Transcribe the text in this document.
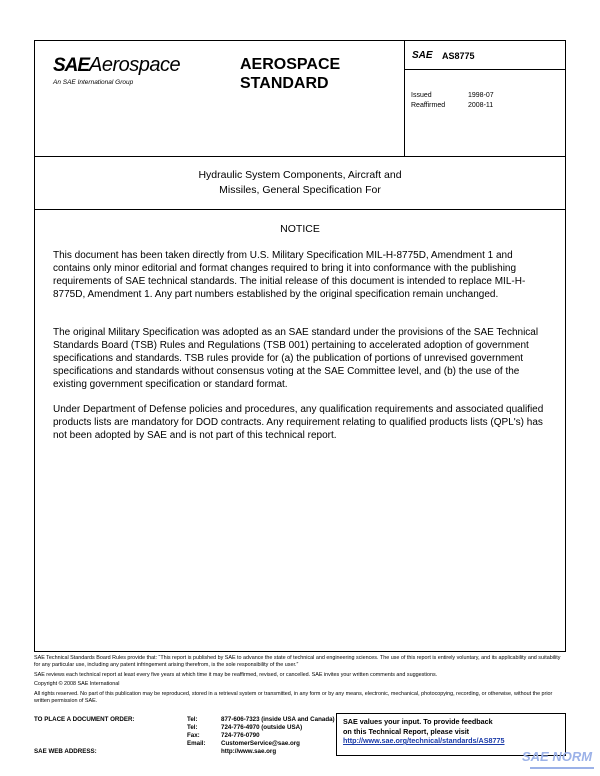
SAE Aerospace
An SAE International Group
AEROSPACE
STANDARD
SAE AS8775
Issued	1998-07
Reaffirmed	2008-11
Hydraulic System Components, Aircraft and
Missiles, General Specification For
NOTICE

This document has been taken directly from U.S. Military Specification MIL-H-8775D, Amendment 1 and contains only minor editorial and format changes required to bring it into conformance with the publishing requirements of SAE technical standards. The initial release of this document is intended to replace MIL-H-8775D, Amendment 1. Any part numbers established by the original specification remain unchanged.

The original Military Specification was adopted as an SAE standard under the provisions of the SAE Technical Standards Board (TSB) Rules and Regulations (TSB 001) pertaining to accelerated adoption of government specifications and standards. TSB rules provide for (a) the publication of portions of unrevised government specifications and standards without consensus voting at the SAE Committee level, and (b) the use of the existing government specification or standard format.

Under Department of Defense policies and procedures, any qualification requirements and associated qualified products lists are mandatory for DOD contracts. Any requirement relating to qualified products lists (QPL's) has not been adopted by SAE and is not part of this technical report.

SAE Technical Standards Board Rules provide that: “This report is published by SAE to advance the state of technical and engineering sciences. The use of this report is entirely voluntary, and its applicability and suitability for any particular use, including any patent infringement arising therefrom, is the sole responsibility of the user.”
SAE reviews each technical report at least every five years at which time it may be reaffirmed, revised, or cancelled. SAE invites your written comments and suggestions.
Copyright © 2008 SAE International
All rights reserved. No part of this publication may be reproduced, stored in a retrieval system or transmitted, in any form or by any means, electronic, mechanical, photocopying, recording, or otherwise, without the prior written permission of SAE.
TO PLACE A DOCUMENT ORDER:	Tel:	877-606-7323 (inside USA and Canada)
Tel:	724-776-4970 (outside USA)
Fax:	724-776-0790
Email: CustomerService@sae.org
SAE WEB ADDRESS:	http://www.sae.org
SAE values your input. To provide feedback
on this Technical Report, please visit
http://www.sae.org/technical/standards/AS8775
SAE NORM
